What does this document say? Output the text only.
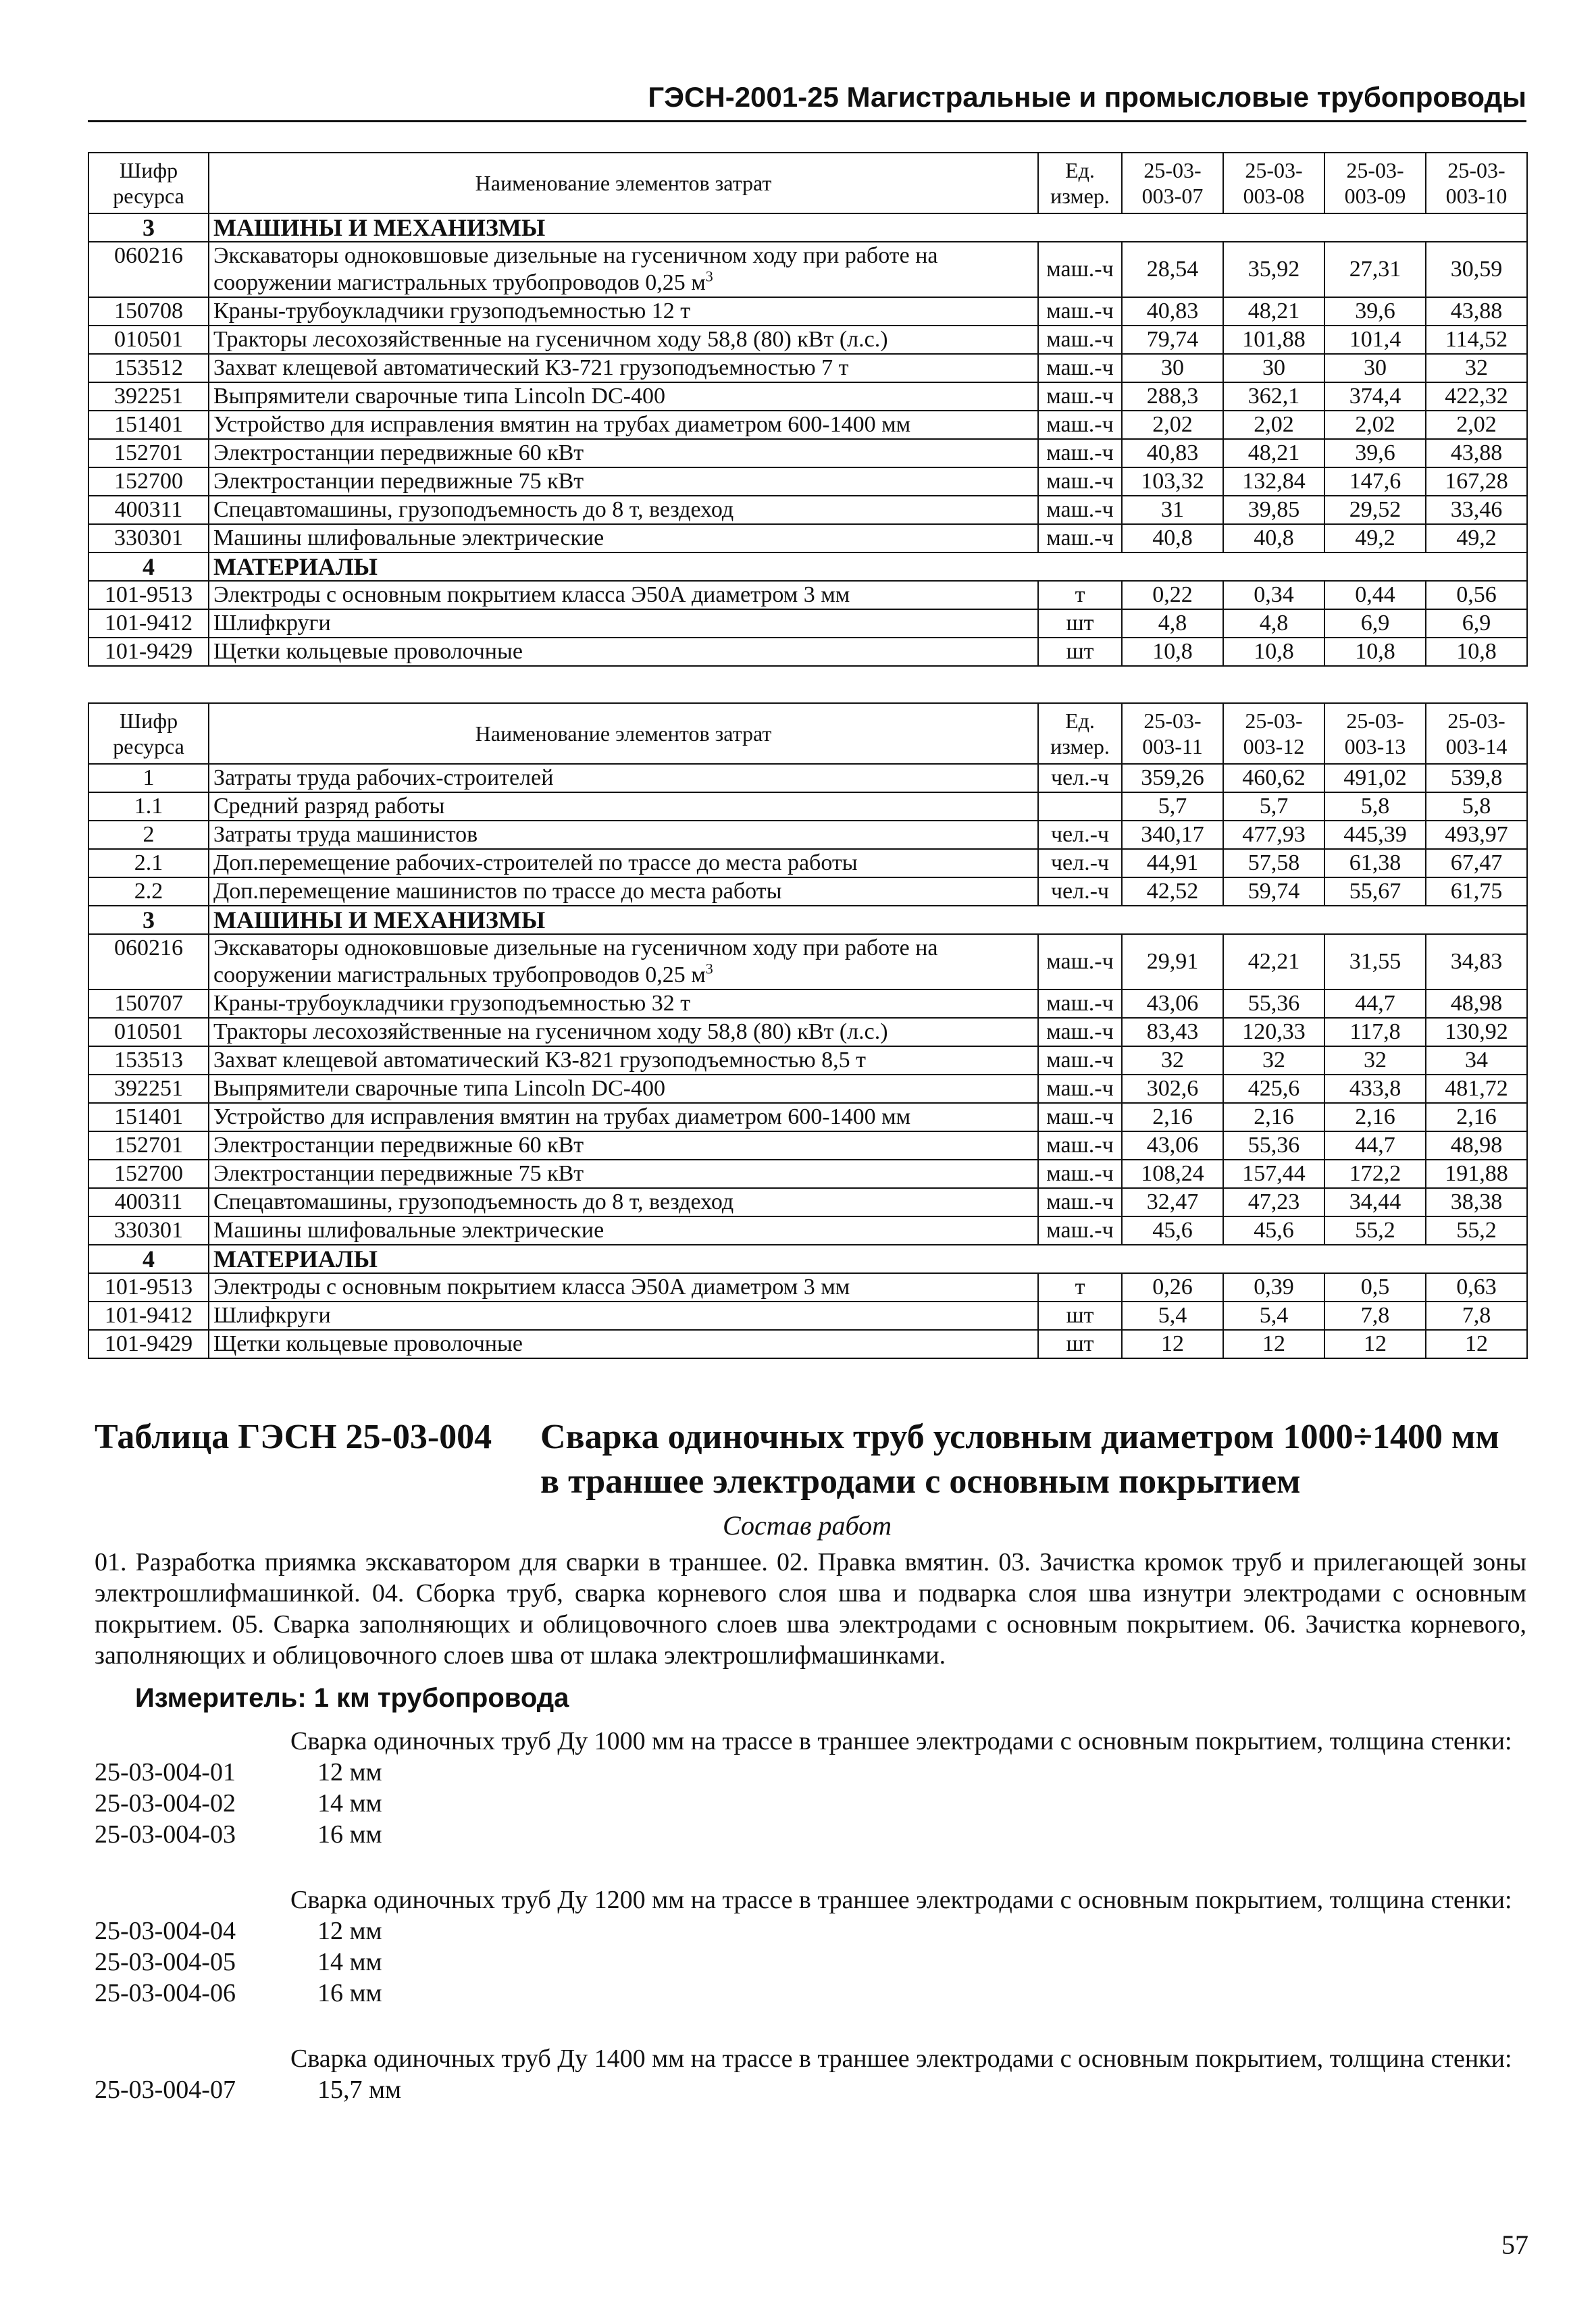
ГЭСН-2001-25 Магистральные и промысловые трубопроводы
Шифр ресурса	Наименование элементов затрат	Ед. измер.	25-03-003-07	25-03-003-08	25-03-003-09	25-03-003-10
3	МАШИНЫ И МЕХАНИЗМЫ					
060216	Экскаваторы одноковшовые дизельные на гусеничном ходу при работе на сооружении магистральных трубопроводов 0,25 $м^3$	маш.-ч	28,54	35,92	27,31	30,59
150708	Краны-трубоукладчики грузоподъемностью 12 т	маш.-ч	40,83	48,21	39,6	43,88
010501	Тракторы лесохозяйственные на гусеничном ходу 58,8 (80) кВт (л.с.)	маш.-ч	79,74	101,88	101,4	114,52
153512	Захват клещевой автоматический КЗ-721 грузоподъемностью 7 т	маш.-ч	30	30	30	32
392251	Выпрямители сварочные типа Lincoln DC-400	маш.-ч	288,3	362,1	374,4	422,32
151401	Устройство для исправления вмятин на трубах диаметром 600-1400 мм	маш.-ч	2,02	2,02	2,02	2,02
152701	Электростанции передвижные 60 кВт	маш.-ч	40,83	48,21	39,6	43,88
152700	Электростанции передвижные 75 кВт	маш.-ч	103,32	132,84	147,6	167,28
400311	Спецавтомашины, грузоподъемность до 8 т, вездеход	маш.-ч	31	39,85	29,52	33,46
330301	Машины шлифовальные электрические	маш.-ч	40,8	40,8	49,2	49,2
4	МАТЕРИАЛЫ					
101-9513	Электроды с основным покрытием класса Э50А диаметром 3 мм	т	0,22	0,34	0,44	0,56
101-9412	Шлифкруги	шт	4,8	4,8	6,9	6,9
101-9429	Щетки кольцевые проволочные	шт	10,8	10,8	10,8	10,8
Шифр ресурса	Наименование элементов затрат	Ед. измер.	25-03-003-11	25-03-003-12	25-03-003-13	25-03-003-14
1	Затраты труда рабочих-строителей	чел.-ч	359,26	460,62	491,02	539,8
1.1	Средний разряд работы		5,7	5,7	5,8	5,8
2	Затраты труда машинистов	чел.-ч	340,17	477,93	445,39	493,97
2.1	Доп.перемещение рабочих-строителей по трассе до места работы	чел.-ч	44,91	57,58	61,38	67,47
2.2	Доп.перемещение машинистов по трассе до места работы	чел.-ч	42,52	59,74	55,67	61,75
3	МАШИНЫ И МЕХАНИЗМЫ					
060216	Экскаваторы одноковшовые дизельные на гусеничном ходу при работе на сооружении магистральных трубопроводов 0,25 $м^3$	маш.-ч	29,91	42,21	31,55	34,83
150707	Краны-трубоукладчики грузоподъемностью 32 т	маш.-ч	43,06	55,36	44,7	48,98
010501	Тракторы лесохозяйственные на гусеничном ходу 58,8 (80) кВт (л.с.)	маш.-ч	83,43	120,33	117,8	130,92
153513	Захват клещевой автоматический КЗ-821 грузоподъемностью 8,5 т	маш.-ч	32	32	32	34
392251	Выпрямители сварочные типа Lincoln DC-400	маш.-ч	302,6	425,6	433,8	481,72
151401	Устройство для исправления вмятин на трубах диаметром 600-1400 мм	маш.-ч	2,16	2,16	2,16	2,16
152701	Электростанции передвижные 60 кВт	маш.-ч	43,06	55,36	44,7	48,98
152700	Электростанции передвижные 75 кВт	маш.-ч	108,24	157,44	172,2	191,88
400311	Спецавтомашины, грузоподъемность до 8 т, вездеход	маш.-ч	32,47	47,23	34,44	38,38
330301	Машины шлифовальные электрические	маш.-ч	45,6	45,6	55,2	55,2
4	МАТЕРИАЛЫ					
101-9513	Электроды с основным покрытием класса Э50А диаметром 3 мм	т	0,26	0,39	0,5	0,63
101-9412	Шлифкруги	шт	5,4	5,4	7,8	7,8
101-9429	Щетки кольцевые проволочные	шт	12	12	12	12
Таблица ГЭСН 25-03-004 Сварка одиночных труб условным диаметром 1000÷1400 мм в траншее электродами с основным покрытием
Состав работ
01. Разработка приямка экскаватором для сварки в траншее. 02. Правка вмятин. 03. Зачистка кромок труб и прилегающей зоны электрошлифмашинкой. 04. Сборка труб, сварка корневого слоя шва и подварка слоя шва изнутри электродами с основным покрытием. 05. Сварка заполняющих и облицовочного слоев шва электродами с основным покрытием. 06. Зачистка корневого, заполняющих и облицовочного слоев шва от шлака электрошлифмашинками.
Измеритель: 1 км трубопровода
Сварка одиночных труб Ду 1000 мм на трассе в траншее электродами с основным покрытием, толщина стенки:
25-03-004-01	12 мм
25-03-004-02	14 мм
25-03-004-03	16 мм
Сварка одиночных труб Ду 1200 мм на трассе в траншее электродами с основным покрытием, толщина стенки:
25-03-004-04	12 мм
25-03-004-05	14 мм
25-03-004-06	16 мм
Сварка одиночных труб Ду 1400 мм на трассе в траншее электродами с основным покрытием, толщина стенки:
25-03-004-07	15,7 мм
57
